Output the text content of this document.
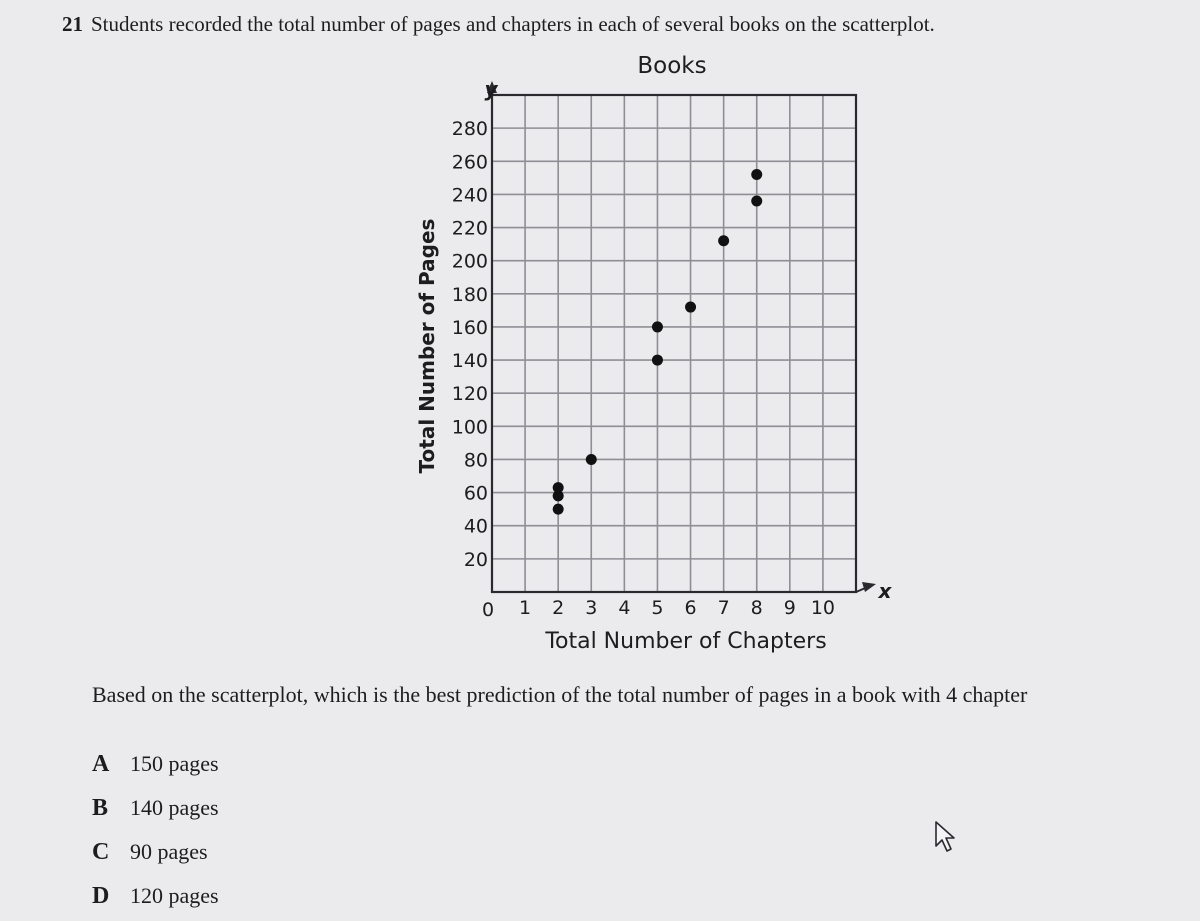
21 Students recorded the total number of pages and chapters in each of several books on the scatterplot.
20
40
60
80
100
120
140
160
180
200
220
240
260
280
1 2 3 4 5 6 7 8 9 10
Books
Total Number of Chapters
Total Number of Pages
0
x
y
Based on the scatterplot, which is the best prediction of the total number of pages in a book with 4 chapter
A 150 pages
B 140 pages
C 90 pages
D 120 pages
